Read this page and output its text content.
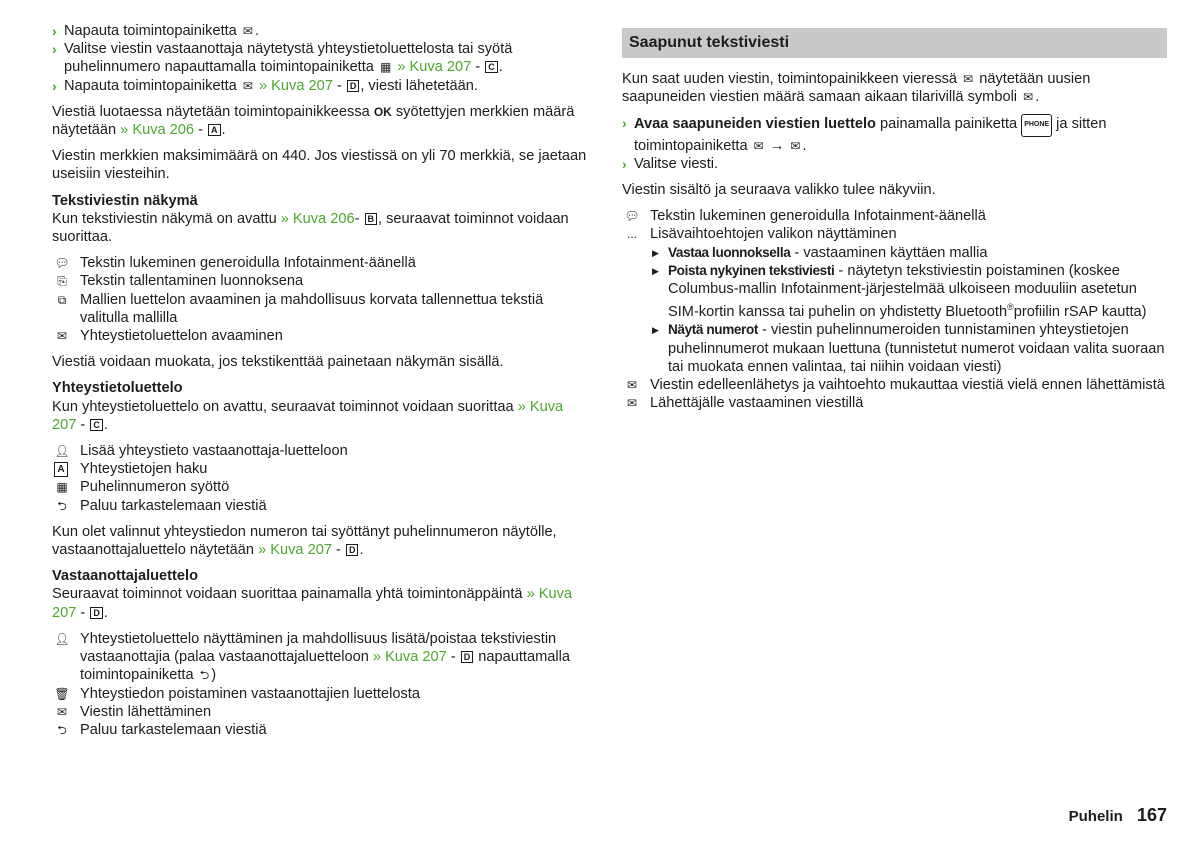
› Napauta toimintopainiketta ✉ .
› Valitse viestin vastaanottaja näytetystä yhteystietoluettelosta tai syötä puhelinnumero napauttamalla toimintopainiketta ▦ » Kuva 207 - C .
› Napauta toimintopainiketta ✉ » Kuva 207 - D , viesti lähetetään.

Viestiä luotaessa näytetään toimintopainikkeessa OK syötettyjen merkkien määrä näytetään » Kuva 206 - A .

Viestin merkkien maksimimäärä on 440. Jos viestissä on yli 70 merkkiä, se jaetaan useisiin viesteihin.

Tekstiviestin näkymä

Kun tekstiviestin näkymä on avattu » Kuva 206- B , seuraavat toiminnot voidaan suorittaa.

💬︎ Tekstin lukeminen generoidulla Infotainment-äänellä
⎘ Tekstin tallentaminen luonnoksena
⧉ Mallien luettelon avaaminen ja mahdollisuus korvata tallennettua tekstiä valitulla mallilla
✉ Yhteystietoluettelon avaaminen

Viestiä voidaan muokata, jos tekstikenttää painetaan näkymän sisällä.

Yhteystietoluettelo

Kun yhteystietoluettelo on avattu, seuraavat toiminnot voidaan suorittaa » Kuva 207 - C .

👤︎ Lisää yhteystieto vastaanottaja-luetteloon
A Yhteystietojen haku
▦ Puhelinnumeron syöttö
⮌ Paluu tarkastelemaan viestiä

Kun olet valinnut yhteystiedon numeron tai syöttänyt puhelinnumeron näytölle, vastaanottajaluettelo näytetään » Kuva 207 - D .

Vastaanottajaluettelo

Seuraavat toiminnot voidaan suorittaa painamalla yhtä toimintonäppäintä » Kuva 207 - D .

👤︎ Yhteystietoluettelo näyttäminen ja mahdollisuus lisätä/poistaa tekstiviestin vastaanottajia (palaa vastaanottajaluetteloon » Kuva 207 - D napauttamalla toimintopainiketta ⮌ )
🗑︎ Yhteystiedon poistaminen vastaanottajien luettelosta
✉ Viestin lähettäminen
⮌ Paluu tarkastelemaan viestiä
Saapunut tekstiviesti

Kun saat uuden viestin, toimintopainikkeen vieressä ✉ näytetään uusien saapuneiden viestien määrä samaan aikaan tilarivillä symboli ✉ .

› Avaa saapuneiden viestien luettelo painamalla painiketta PHONE ja sitten toimintopainiketta ✉ → ✉ .
› Valitse viesti.

Viestin sisältö ja seuraava valikko tulee näkyviin.

💬︎ Tekstin lukeminen generoidulla Infotainment-äänellä
... Lisävaihtoehtojen valikon näyttäminen
▶ Vastaa luonnoksella - vastaaminen käyttäen mallia
▶ Poista nykyinen tekstiviesti - näytetyn tekstiviestin poistaminen (koskee Columbus-mallin Infotainment-järjestelmää ulkoiseen moduuliin asetetun SIM-kortin kanssa tai puhelin on yhdistetty Bluetooth®profiilin rSAP kautta)
▶ Näytä numerot - viestin puhelinnumeroiden tunnistaminen yhteystietojen puhelinnumerot mukaan luettuna (tunnistetut numerot voidaan valita suoraan tai muokata ennen valintaa, tai niihin voidaan viesti)
✉ Viestin edelleenlähetys ja vaihtoehto mukauttaa viestiä vielä ennen lähettämistä
✉ Lähettäjälle vastaaminen viestillä
Puhelin 167
